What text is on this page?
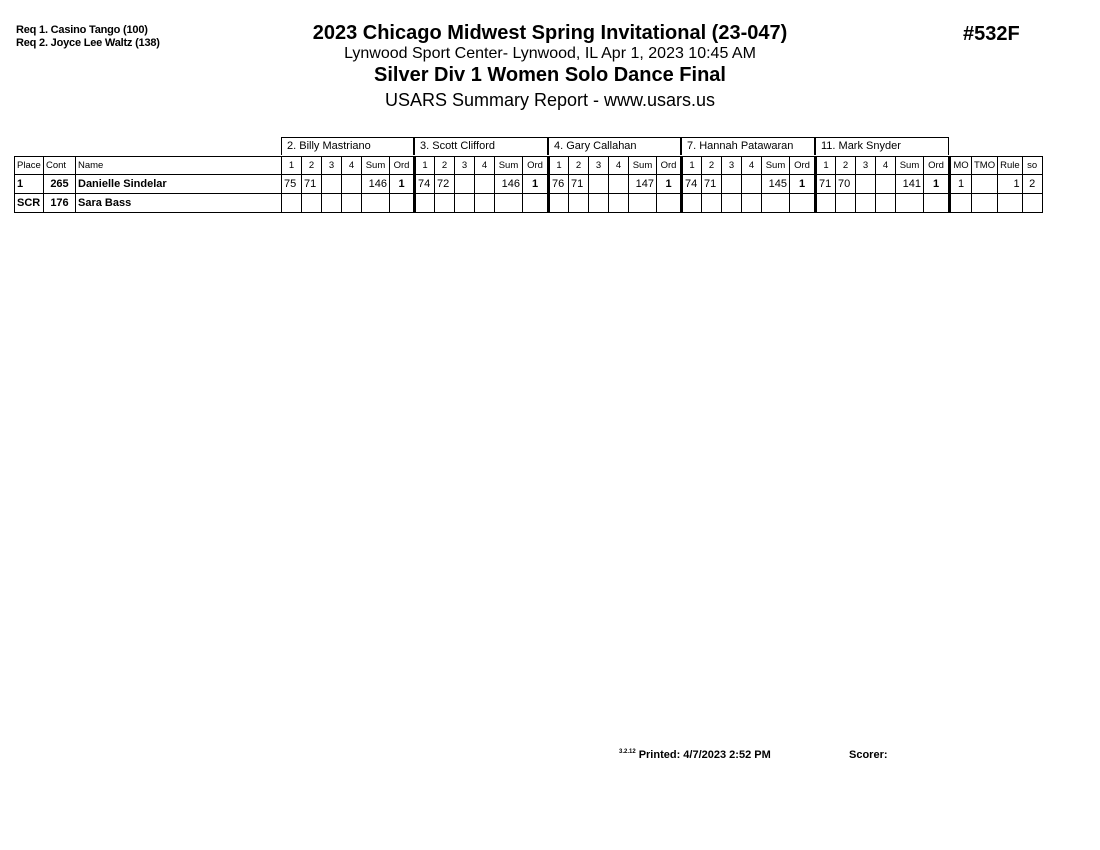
Req 1. Casino Tango (100)
Req 2. Joyce Lee Waltz (138)	2023 Chicago Midwest Spring Invitational (23-047)
Lynwood Sport Center- Lynwood, IL Apr 1, 2023 10:45 AM
Silver Div 1 Women Solo Dance Final
USARS Summary Report - www.usars.us
#532F
2. Billy Mastriano	3. Scott Clifford	4. Gary Callahan	7. Hannah Patawaran	11. Mark Snyder
Place	Cont	Name	1	2	3	4	Sum	Ord	1	2	3	4	Sum	Ord	1	2	3	4	Sum	Ord	1	2	3	4	Sum	Ord	1	2	3	4	Sum	Ord	MO	TMO	Rule	so
1	265	Danielle Sindelar	75	71			146	1	74	72			146	1	76	71			147	1	74	71			145	1	71	70			141	1	1		1	2
SCR	176	Sara Bass																																		
$^{3.2.12}$ Printed: 4/7/2023 2:52 PM	Scorer:
